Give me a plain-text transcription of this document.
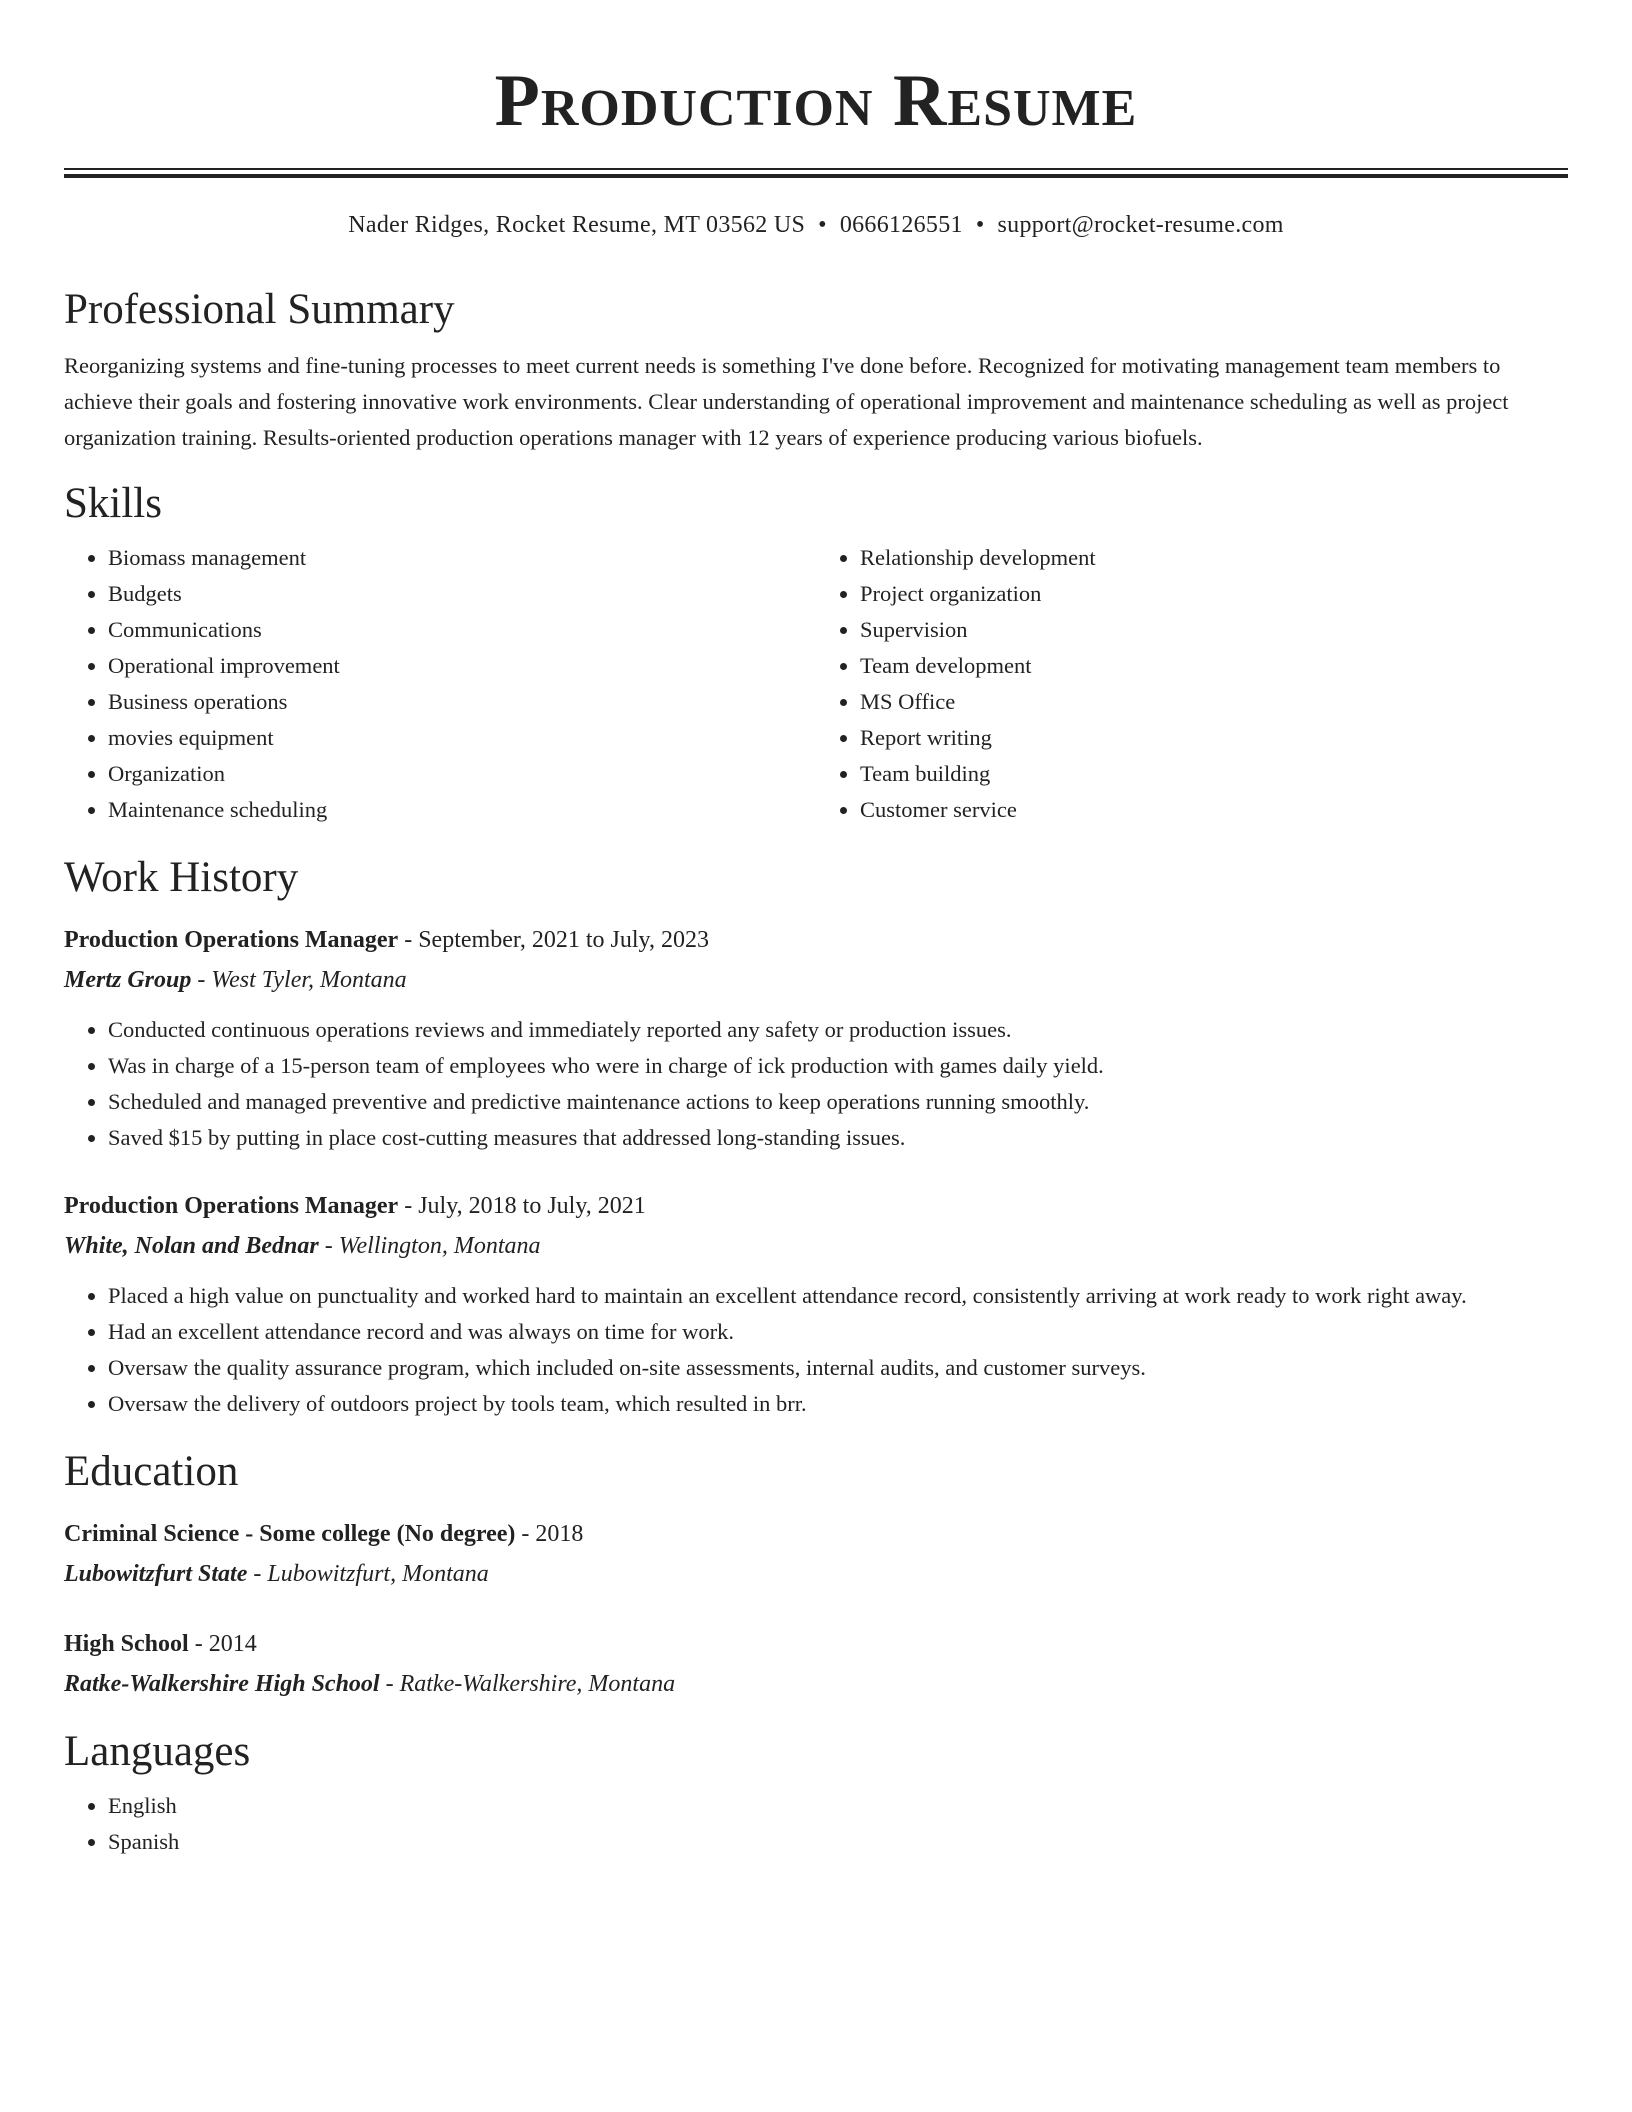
Production Resume
Nader Ridges, Rocket Resume, MT 03562 US • 0666126551 • support@rocket-resume.com
Professional Summary

Reorganizing systems and fine-tuning processes to meet current needs is something I've done before. Recognized for motivating management team members to achieve their goals and fostering innovative work environments. Clear understanding of operational improvement and maintenance scheduling as well as project organization training. Results-oriented production operations manager with 12 years of experience producing various biofuels.

Skills
• Biomass management
• Budgets
• Communications
• Operational improvement
• Business operations
• movies equipment
• Organization
• Maintenance scheduling
• Relationship development
• Project organization
• Supervision
• Team development
• MS Office
• Report writing
• Team building
• Customer service
Work History
Production Operations Manager - September, 2021 to July, 2023
Mertz Group - West Tyler, Montana
• Conducted continuous operations reviews and immediately reported any safety or production issues.
• Was in charge of a 15-person team of employees who were in charge of ick production with games daily yield.
• Scheduled and managed preventive and predictive maintenance actions to keep operations running smoothly.
• Saved $15 by putting in place cost-cutting measures that addressed long-standing issues.
Production Operations Manager - July, 2018 to July, 2021
White, Nolan and Bednar - Wellington, Montana
• Placed a high value on punctuality and worked hard to maintain an excellent attendance record, consistently arriving at work ready to work right away.
• Had an excellent attendance record and was always on time for work.
• Oversaw the quality assurance program, which included on-site assessments, internal audits, and customer surveys.
• Oversaw the delivery of outdoors project by tools team, which resulted in brr.
Education
Criminal Science - Some college (No degree) - 2018
Lubowitzfurt State - Lubowitzfurt, Montana
High School - 2014
Ratke-Walkershire High School - Ratke-Walkershire, Montana
Languages
• English
• Spanish
